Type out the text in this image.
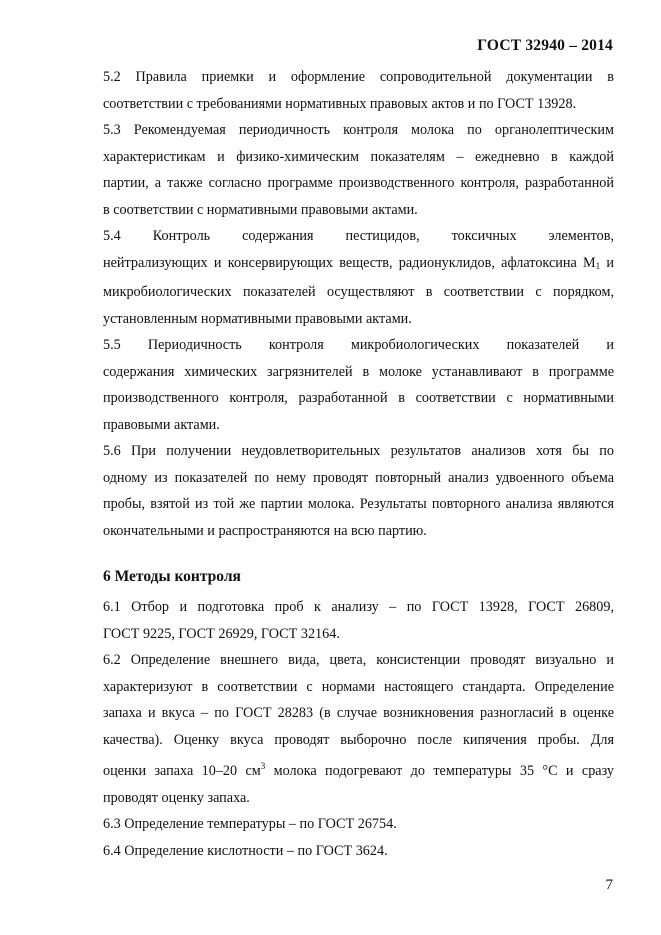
ГОСТ 32940 – 2014
5.2 Правила приемки и оформление сопроводительной документации в
соответствии с требованиями нормативных правовых актов и по ГОСТ 13928.
5.3 Рекомендуемая периодичность контроля молока по органолептическим
характеристикам и физико-химическим показателям – ежедневно в каждой
партии, а также согласно программе производственного контроля, разработанной
в соответствии с нормативными правовыми актами.
5.4 Контроль содержания пестицидов, токсичных элементов,
нейтрализующих и консервирующих веществ, радионуклидов, афлатоксина $M_1$ и
микробиологических показателей осуществляют в соответствии с порядком,
установленным нормативными правовыми актами.
5.5 Периодичность контроля микробиологических показателей и
содержания химических загрязнителей в молоке устанавливают в программе
производственного контроля, разработанной в соответствии с нормативными
правовыми актами.
5.6 При получении неудовлетворительных результатов анализов хотя бы по
одному из показателей по нему проводят повторный анализ удвоенного объема
пробы, взятой из той же партии молока. Результаты повторного анализа являются
окончательными и распространяются на всю партию.
6 Методы контроля
6.1 Отбор и подготовка проб к анализу – по ГОСТ 13928, ГОСТ 26809,
ГОСТ 9225, ГОСТ 26929, ГОСТ 32164.
6.2 Определение внешнего вида, цвета, консистенции проводят визуально и
характеризуют в соответствии с нормами настоящего стандарта. Определение
запаха и вкуса – по ГОСТ 28283 (в случае возникновения разногласий в оценке
качества). Оценку вкуса проводят выборочно после кипячения пробы. Для
оценки запаха 10–20 $см^3$ молока подогревают до температуры 35 °С и сразу
проводят оценку запаха.
6.3 Определение температуры – по ГОСТ 26754.
6.4 Определение кислотности – по ГОСТ 3624.
7
